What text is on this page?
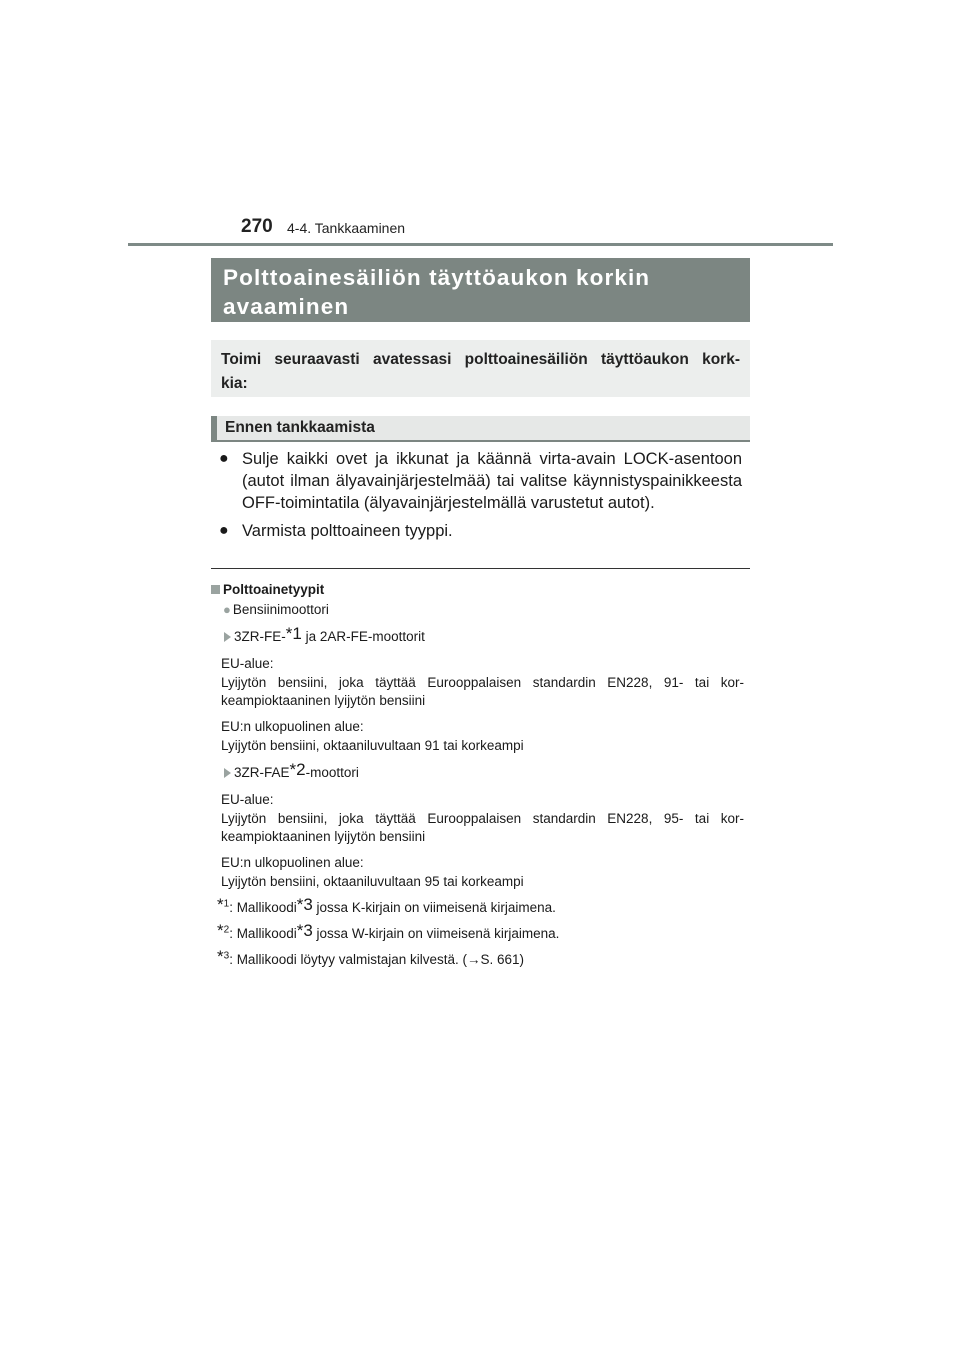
270 4-4. Tankkaaminen
Polttoainesäiliön täyttöaukon korkin
avaaminen
Toimi seuraavasti avatessasi polttoainesäiliön täyttöaukon kork-
kia:
Ennen tankkaamista
● Sulje kaikki ovet ja ikkunat ja käännä virta-avain LOCK-asentoon
(autot ilman älyavainjärjestelmää) tai valitse käynnistyspainikkeesta
OFF-toimintatila (älyavainjärjestelmällä varustetut autot).
● Varmista polttoaineen tyyppi.
Polttoainetyypit
● Bensiinimoottori
3ZR-FE-$^{*1}$ ja 2AR-FE-moottorit
EU-alue:
Lyijytön bensiini, joka täyttää Eurooppalaisen standardin EN228, 91- tai kor-
keampioktaaninen lyijytön bensiini
EU:n ulkopuolinen alue:
Lyijytön bensiini, oktaaniluvultaan 91 tai korkeampi
3ZR-FAE$^{*2}$-moottori
EU-alue:
Lyijytön bensiini, joka täyttää Eurooppalaisen standardin EN228, 95- tai kor-
keampioktaaninen lyijytön bensiini
EU:n ulkopuolinen alue:
Lyijytön bensiini, oktaaniluvultaan 95 tai korkeampi
*$^1$: Mallikoodi$^{*3}$ jossa K-kirjain on viimeisenä kirjaimena.
*$^2$: Mallikoodi$^{*3}$ jossa W-kirjain on viimeisenä kirjaimena.
*$^3$: Mallikoodi löytyy valmistajan kilvestä. (→S. 661)
